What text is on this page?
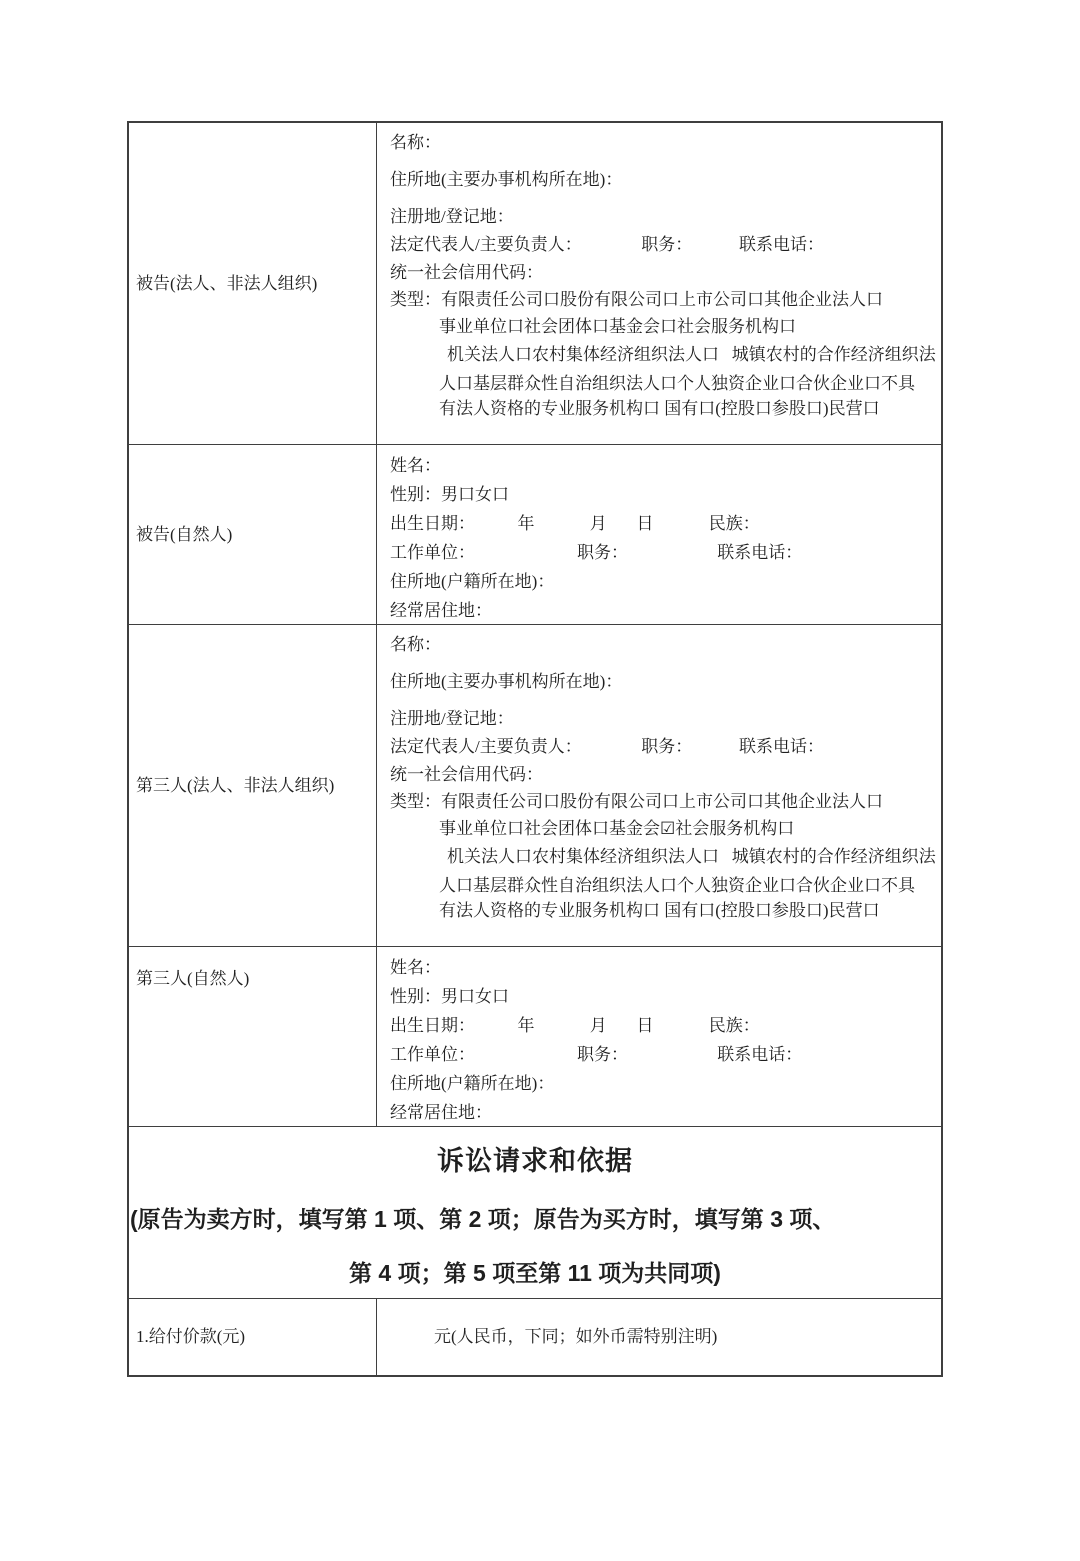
被告(法人、非法人组织)
名称：
住所地(主要办事机构所在地)：
注册地/登记地：
法定代表人/主要负责人：              职务：           联系电话：
统一社会信用代码：
类型：有限责任公司口股份有限公司口上市公司口其他企业法人口
事业单位口社会团体口基金会口社会服务机构口
机关法人口农村集体经济组织法人口   城镇农村的合作经济组织法
人口基层群众性自治组织法人口个人独资企业口合伙企业口不具
有法人资格的专业服务机构口 国有口(控股口参股口)民营口
被告(自然人)
姓名：
性别：男口女口
出生日期：          年             月       日             民族：
工作单位：                        职务：                     联系电话：
住所地(户籍所在地)：
经常居住地：
第三人(法人、非法人组织)
名称：
住所地(主要办事机构所在地)：
注册地/登记地：
法定代表人/主要负责人：              职务：           联系电话：
统一社会信用代码：
类型：有限责任公司口股份有限公司口上市公司口其他企业法人口
事业单位口社会团体口基金会☑社会服务机构口
机关法人口农村集体经济组织法人口   城镇农村的合作经济组织法
人口基层群众性自治组织法人口个人独资企业口合伙企业口不具
有法人资格的专业服务机构口 国有口(控股口参股口)民营口
第三人(自然人)
姓名：
性别：男口女口
出生日期：          年             月       日             民族：
工作单位：                        职务：                     联系电话：
住所地(户籍所在地)：
经常居住地：
诉讼请求和依据
(原告为卖方时，填写第 1 项、第 2 项；原告为买方时，填写第 3 项、
第 4 项；第 5 项至第 11 项为共同项)
1.给付价款(元)	元(人民币，下同；如外币需特别注明)
